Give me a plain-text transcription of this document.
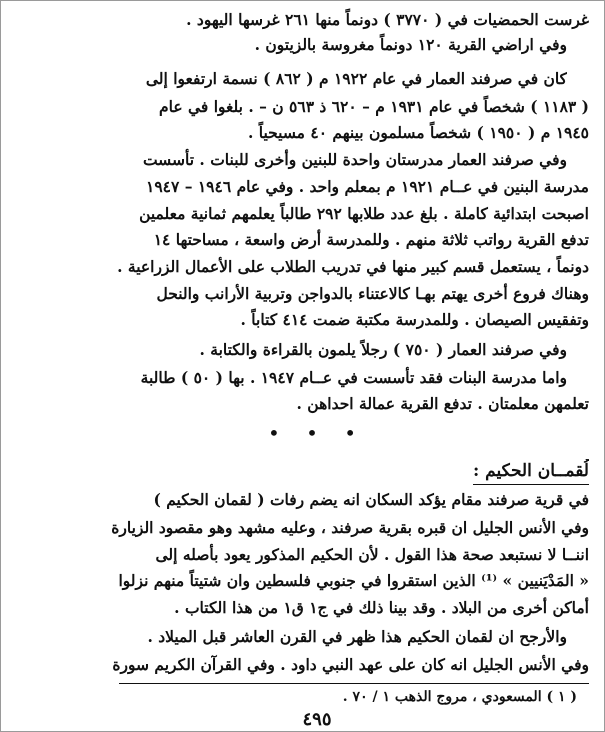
غرست الحمضيات في ( ٣٧٧٠ ) دونماً منها ٢٦١ غرسها اليهود .
وفي اراضي القرية ١٢٠ دونماً مغروسة بالزيتون .
كان في صرفند العمار في عام ١٩٢٢ م ( ٨٦٢ ) نسمة ارتفعوا إلى
( ١١٨٣ ) شخصاً في عام ١٩٣١ م – ٦٢٠ ذ ٥٦٣ ن – . بلغوا في عام
١٩٤٥ م ( ١٩٥٠ ) شخصاً مسلمون بينهم ٤٠ مسيحياً .
وفي صرفند العمار مدرستان واحدة للبنين وأخرى للبنات . تأسست
مدرسة البنين في عــام ١٩٢١ م بمعلم واحد . وفي عام ١٩٤٦ – ١٩٤٧
اصبحت ابتدائية كاملة . بلغ عدد طلابها ٢٩٢ طالباً يعلمهم ثمانية معلمين
تدفع القرية رواتب ثلاثة منهم . وللمدرسة أرض واسعة ، مساحتها ١٤
دونماً ، يستعمل قسم كبير منها في تدريب الطلاب على الأعمال الزراعية .
وهناك فروع أخرى يهتم بهـا كالاعتناء بالدواجن وتربية الأرانب والنحل
وتفقيس الصيصان . وللمدرسة مكتبة ضمت ٤١٤ كتاباً .
وفي صرفند العمار ( ٧٥٠ ) رجلاً يلمون بالقراءة والكتابة .
واما مدرسة البنات فقد تأسست في عــام ١٩٤٧ . بها ( ٥٠ ) طالبة
تعلمهن معلمتان . تدفع القرية عمالة احداهن .
• • •
لُقمــان الحكيم :
في قرية صرفند مقام يؤكد السكان انه يضم رفات ( لقمان الحكيم )
وفي الأنس الجليل ان قبره بقرية صرفند ، وعليه مشهد وهو مقصود الزيارة
اننــا لا نستبعد صحة هذا القول . لأن الحكيم المذكور يعود بأصله إلى
« المَدْيَنيين » ⁽¹⁾ الذين استقروا في جنوبي فلسطين وان شتيتاً منهم نزلوا
أماكن أخرى من البلاد . وقد بينا ذلك في ج١ ق١ من هذا الكتاب .
والأرجح ان لقمان الحكيم هذا ظهر في القرن العاشر قبل الميلاد .
وفي الأنس الجليل انه كان على عهد النبي داود . وفي القرآن الكريم سورة
( ١ ) المسعودي ، مروج الذهب ١ / ٧٠ .
٤٩٥
